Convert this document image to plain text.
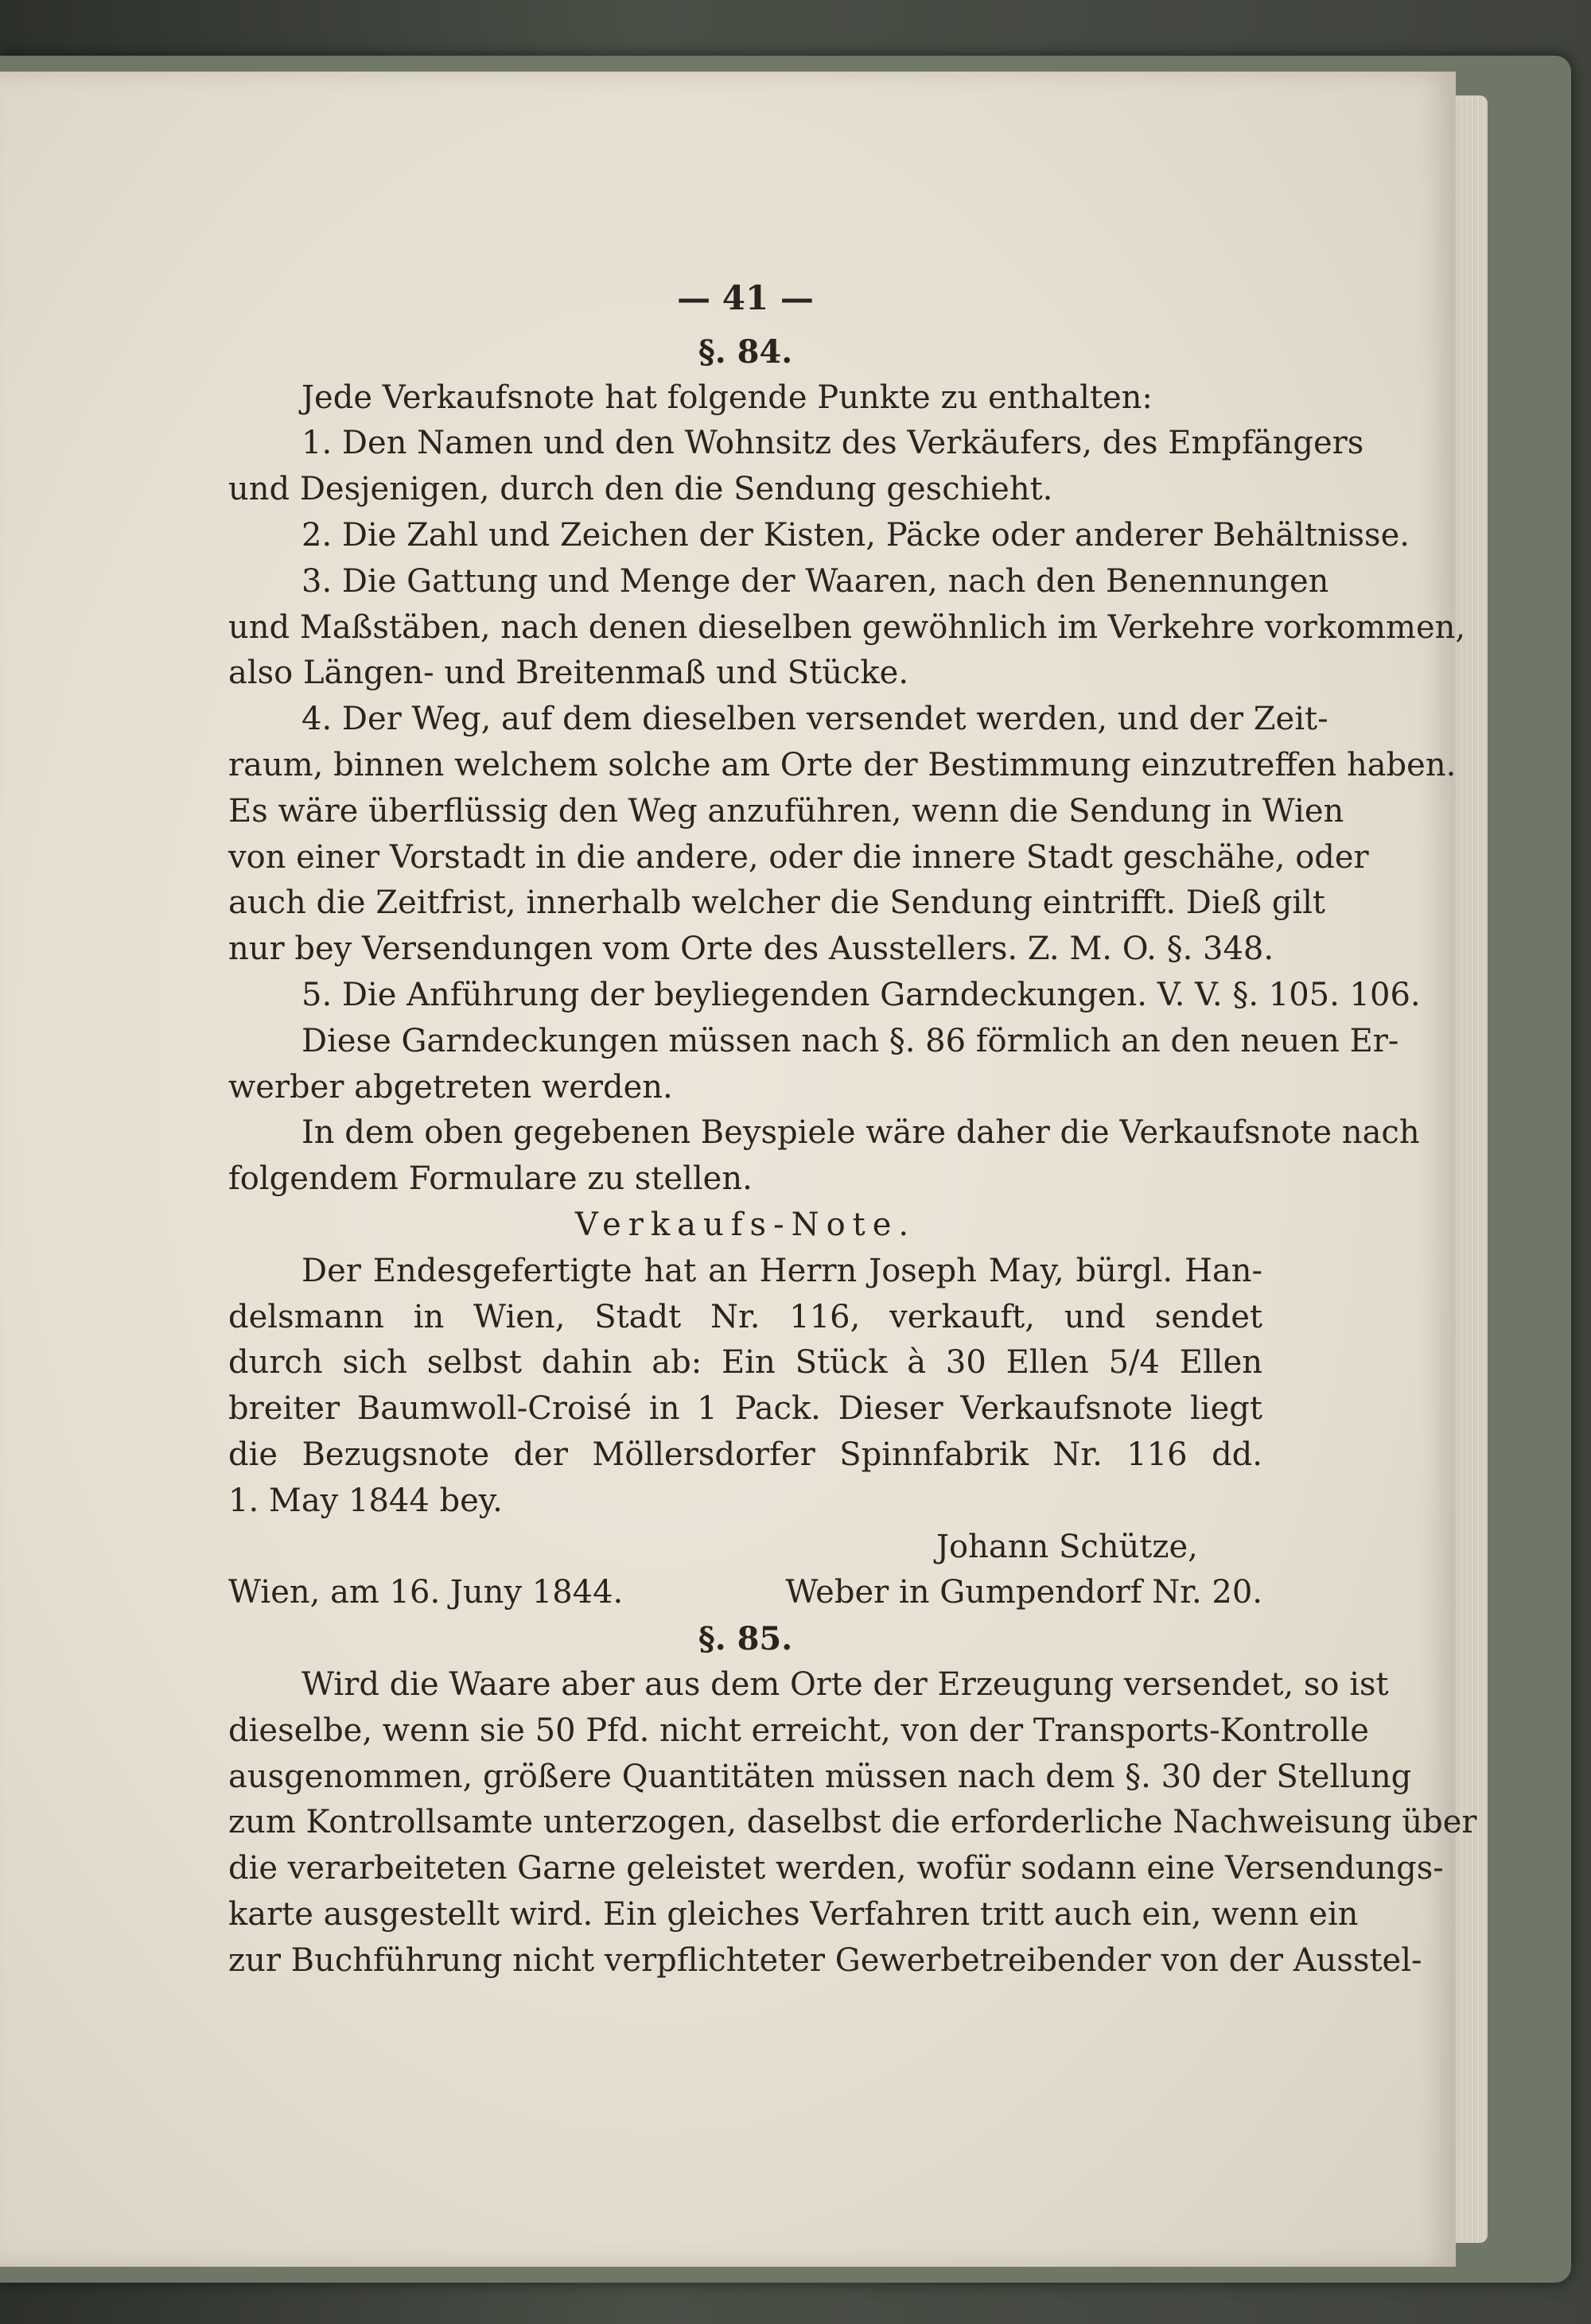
— 41 —
§. 84.
Jede Verkaufsnote hat folgende Punkte zu enthalten:
1. Den Namen und den Wohnsitz des Verkäufers, des Empfängers
und Desjenigen, durch den die Sendung geschieht.
2. Die Zahl und Zeichen der Kisten, Päcke oder anderer Behältnisse.
3. Die Gattung und Menge der Waaren, nach den Benennungen
und Maßstäben, nach denen dieselben gewöhnlich im Verkehre vorkommen,
also Längen- und Breitenmaß und Stücke.
4. Der Weg, auf dem dieselben versendet werden, und der Zeit-
raum, binnen welchem solche am Orte der Bestimmung einzutreffen haben.
Es wäre überflüssig den Weg anzuführen, wenn die Sendung in Wien
von einer Vorstadt in die andere, oder die innere Stadt geschähe, oder
auch die Zeitfrist, innerhalb welcher die Sendung eintrifft. Dieß gilt
nur bey Versendungen vom Orte des Ausstellers. Z. M. O. §. 348.
5. Die Anführung der beyliegenden Garndeckungen. V. V. §. 105. 106.
Diese Garndeckungen müssen nach §. 86 förmlich an den neuen Er-
werber abgetreten werden.
In dem oben gegebenen Beyspiele wäre daher die Verkaufsnote nach
folgendem Formulare zu stellen.
Verkaufs-Note.
Der Endesgefertigte hat an Herrn Joseph May, bürgl. Han-
delsmann in Wien, Stadt Nr. 116, verkauft, und sendet
durch sich selbst dahin ab: Ein Stück à 30 Ellen 5/4 Ellen
breiter Baumwoll-Croisé in 1 Pack. Dieser Verkaufsnote liegt
die Bezugsnote der Möllersdorfer Spinnfabrik Nr. 116 dd.
1. May 1844 bey.
Johann Schütze,
Wien, am 16. Juny 1844.	Weber in Gumpendorf Nr. 20.
§. 85.
Wird die Waare aber aus dem Orte der Erzeugung versendet, so ist
dieselbe, wenn sie 50 Pfd. nicht erreicht, von der Transports-Kontrolle
ausgenommen, größere Quantitäten müssen nach dem §. 30 der Stellung
zum Kontrollsamte unterzogen, daselbst die erforderliche Nachweisung über
die verarbeiteten Garne geleistet werden, wofür sodann eine Versendungs-
karte ausgestellt wird. Ein gleiches Verfahren tritt auch ein, wenn ein
zur Buchführung nicht verpflichteter Gewerbetreibender von der Ausstel-
